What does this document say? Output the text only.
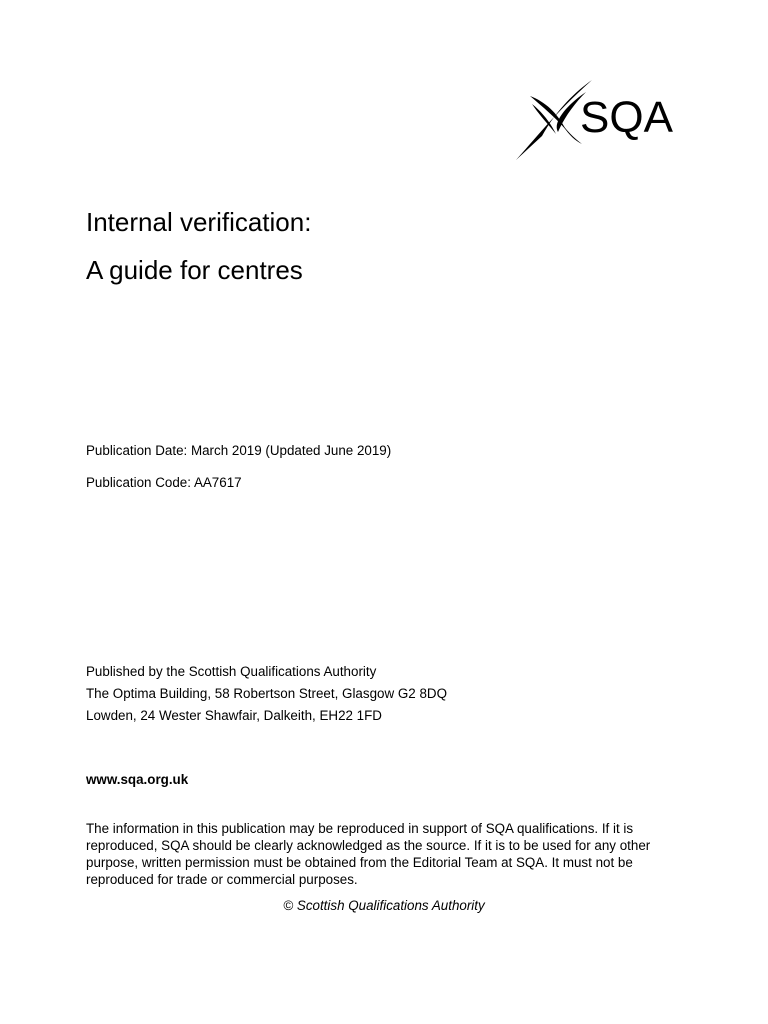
SQA
Internal verification:
A guide for centres

Publication Date: March 2019 (Updated June 2019)

Publication Code: AA7617

Published by the Scottish Qualifications Authority

The Optima Building, 58 Robertson Street, Glasgow G2 8DQ

Lowden, 24 Wester Shawfair, Dalkeith, EH22 1FD

www.sqa.org.uk

The information in this publication may be reproduced in support of SQA qualifications. If it is reproduced, SQA should be clearly acknowledged as the source. If it is to be used for any other purpose, written permission must be obtained from the Editorial Team at SQA. It must not be reproduced for trade or commercial purposes.

© Scottish Qualifications Authority
